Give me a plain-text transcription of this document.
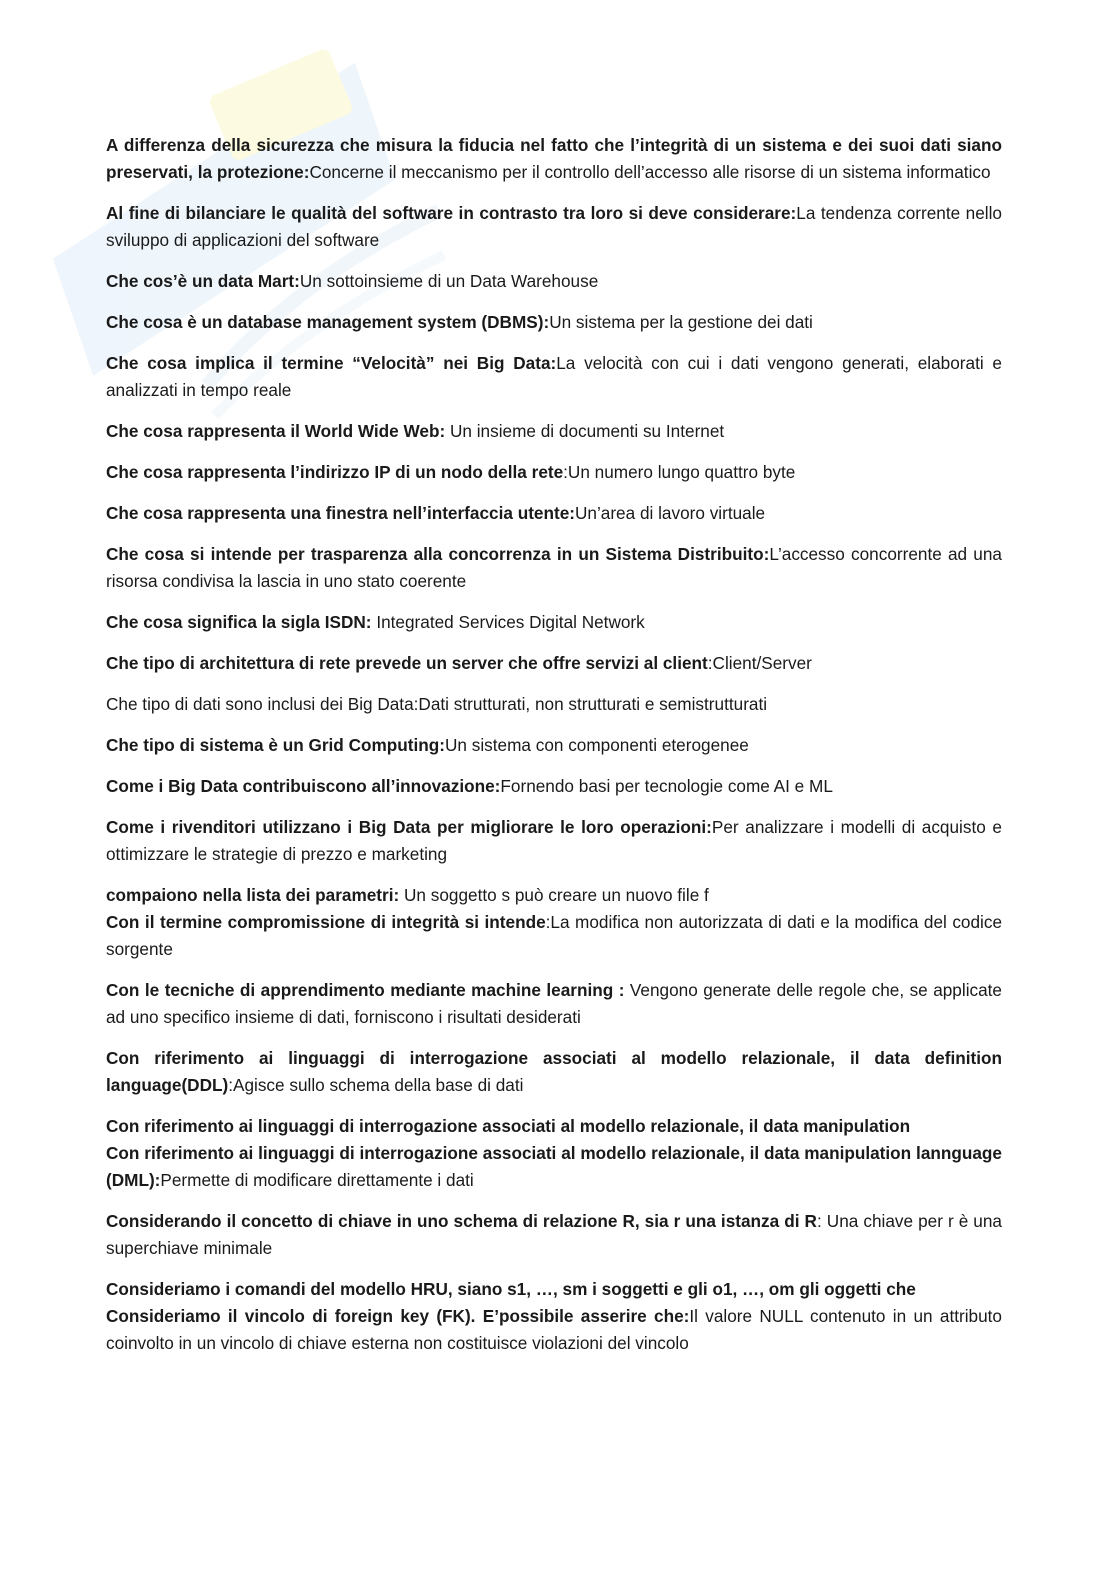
A differenza della sicurezza che misura la fiducia nel fatto che l’integrità di un sistema e dei suoi dati siano preservati, la protezione:Concerne il meccanismo per il controllo dell’accesso alle risorse di un sistema informatico

Al fine di bilanciare le qualità del software in contrasto tra loro si deve considerare:La tendenza corrente nello sviluppo di applicazioni del software

Che cos’è un data Mart:Un sottoinsieme di un Data Warehouse

Che cosa è un database management system (DBMS):Un sistema per la gestione dei dati

Che cosa implica il termine “Velocità” nei Big Data:La velocità con cui i dati vengono generati, elaborati e analizzati in tempo reale

Che cosa rappresenta il World Wide Web: Un insieme di documenti su Internet

Che cosa rappresenta l’indirizzo IP di un nodo della rete:Un numero lungo quattro byte

Che cosa rappresenta una finestra nell’interfaccia utente:Un’area di lavoro virtuale

Che cosa si intende per trasparenza alla concorrenza in un Sistema Distribuito:L’accesso concorrente ad una risorsa condivisa la lascia in uno stato coerente

Che cosa significa la sigla ISDN: Integrated Services Digital Network

Che tipo di architettura di rete prevede un server che offre servizi al client:Client/Server

Che tipo di dati sono inclusi dei Big Data:Dati strutturati, non strutturati e semistrutturati

Che tipo di sistema è un Grid Computing:Un sistema con componenti eterogenee

Come i Big Data contribuiscono all’innovazione:Fornendo basi per tecnologie come AI e ML

Come i rivenditori utilizzano i Big Data per migliorare le loro operazioni:Per analizzare i modelli di acquisto e ottimizzare le strategie di prezzo e marketing

compaiono nella lista dei parametri: Un soggetto s può creare un nuovo file f

Con il termine compromissione di integrità si intende:La modifica non autorizzata di dati e la modifica del codice sorgente

Con le tecniche di apprendimento mediante machine learning : Vengono generate delle regole che, se applicate ad uno specifico insieme di dati, forniscono i risultati desiderati

Con riferimento ai linguaggi di interrogazione associati al modello relazionale, il data definition language(DDL):Agisce sullo schema della base di dati

Con riferimento ai linguaggi di interrogazione associati al modello relazionale, il data manipulation

Con riferimento ai linguaggi di interrogazione associati al modello relazionale, il data manipulation lannguage (DML):Permette di modificare direttamente i dati

Considerando il concetto di chiave in uno schema di relazione R, sia r una istanza di R: Una chiave per r è una superchiave minimale

Consideriamo i comandi del modello HRU, siano s1, …, sm i soggetti e gli o1, …, om gli oggetti che

Consideriamo il vincolo di foreign key (FK). E’possibile asserire che:Il valore NULL contenuto in un attributo coinvolto in un vincolo di chiave esterna non costituisce violazioni del vincolo
